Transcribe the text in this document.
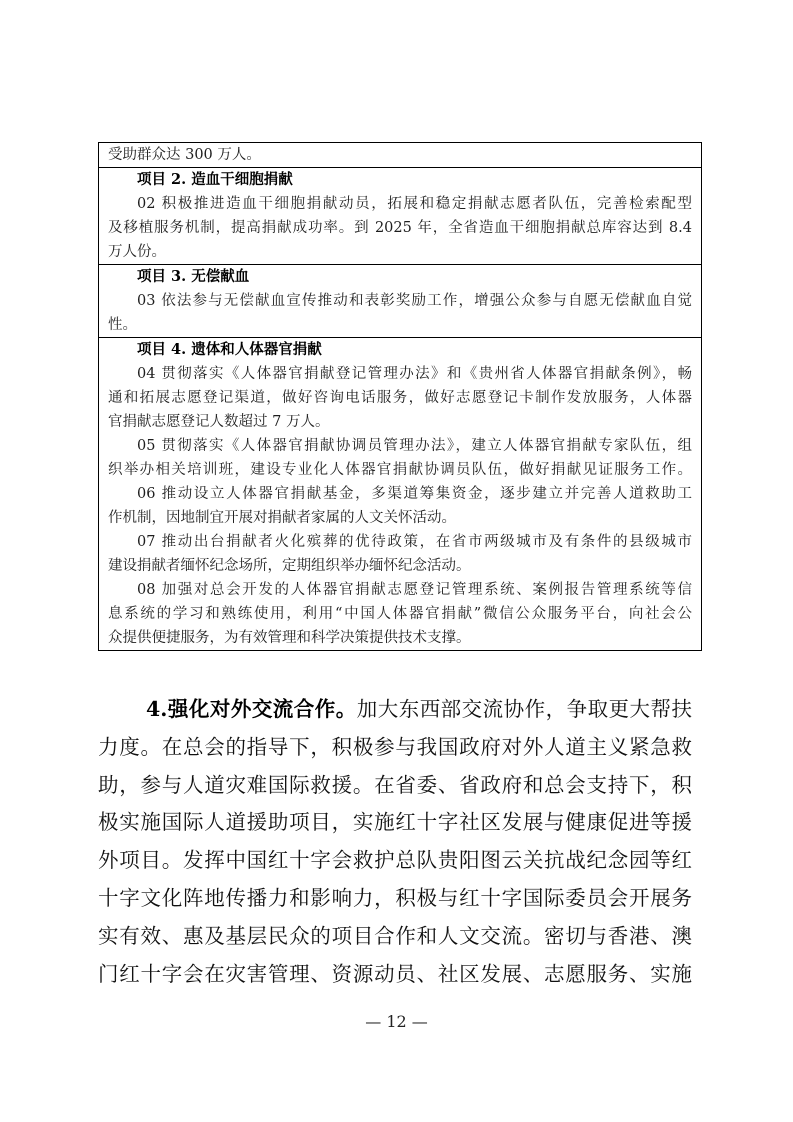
受助群众达 300 万人。
项目 2. 造血干细胞捐献
02 积极推进造血干细胞捐献动员，拓展和稳定捐献志愿者队伍，完善检索配型
及移植服务机制，提高捐献成功率。到 2025 年，全省造血干细胞捐献总库容达到 8.4
万人份。
项目 3. 无偿献血
03 依法参与无偿献血宣传推动和表彰奖励工作，增强公众参与自愿无偿献血自觉
性。
项目 4. 遗体和人体器官捐献
04 贯彻落实《人体器官捐献登记管理办法》和《贵州省人体器官捐献条例》，畅
通和拓展志愿登记渠道，做好咨询电话服务，做好志愿登记卡制作发放服务，人体器
官捐献志愿登记人数超过 7 万人。
05 贯彻落实《人体器官捐献协调员管理办法》，建立人体器官捐献专家队伍，组
织举办相关培训班，建设专业化人体器官捐献协调员队伍，做好捐献见证服务工作。
06 推动设立人体器官捐献基金，多渠道筹集资金，逐步建立并完善人道救助工
作机制，因地制宜开展对捐献者家属的人文关怀活动。
07 推动出台捐献者火化殡葬的优待政策，在省市两级城市及有条件的县级城市
建设捐献者缅怀纪念场所，定期组织举办缅怀纪念活动。
08 加强对总会开发的人体器官捐献志愿登记管理系统、案例报告管理系统等信
息系统的学习和熟练使用，利用“中国人体器官捐献”微信公众服务平台，向社会公
众提供便捷服务，为有效管理和科学决策提供技术支撑。
4.强化对外交流合作。加大东西部交流协作，争取更大帮扶
力度。在总会的指导下，积极参与我国政府对外人道主义紧急救
助，参与人道灾难国际救援。在省委、省政府和总会支持下，积
极实施国际人道援助项目，实施红十字社区发展与健康促进等援
外项目。发挥中国红十字会救护总队贵阳图云关抗战纪念园等红
十字文化阵地传播力和影响力，积极与红十字国际委员会开展务
实有效、惠及基层民众的项目合作和人文交流。密切与香港、澳
门红十字会在灾害管理、资源动员、社区发展、志愿服务、实施
— 12 —
